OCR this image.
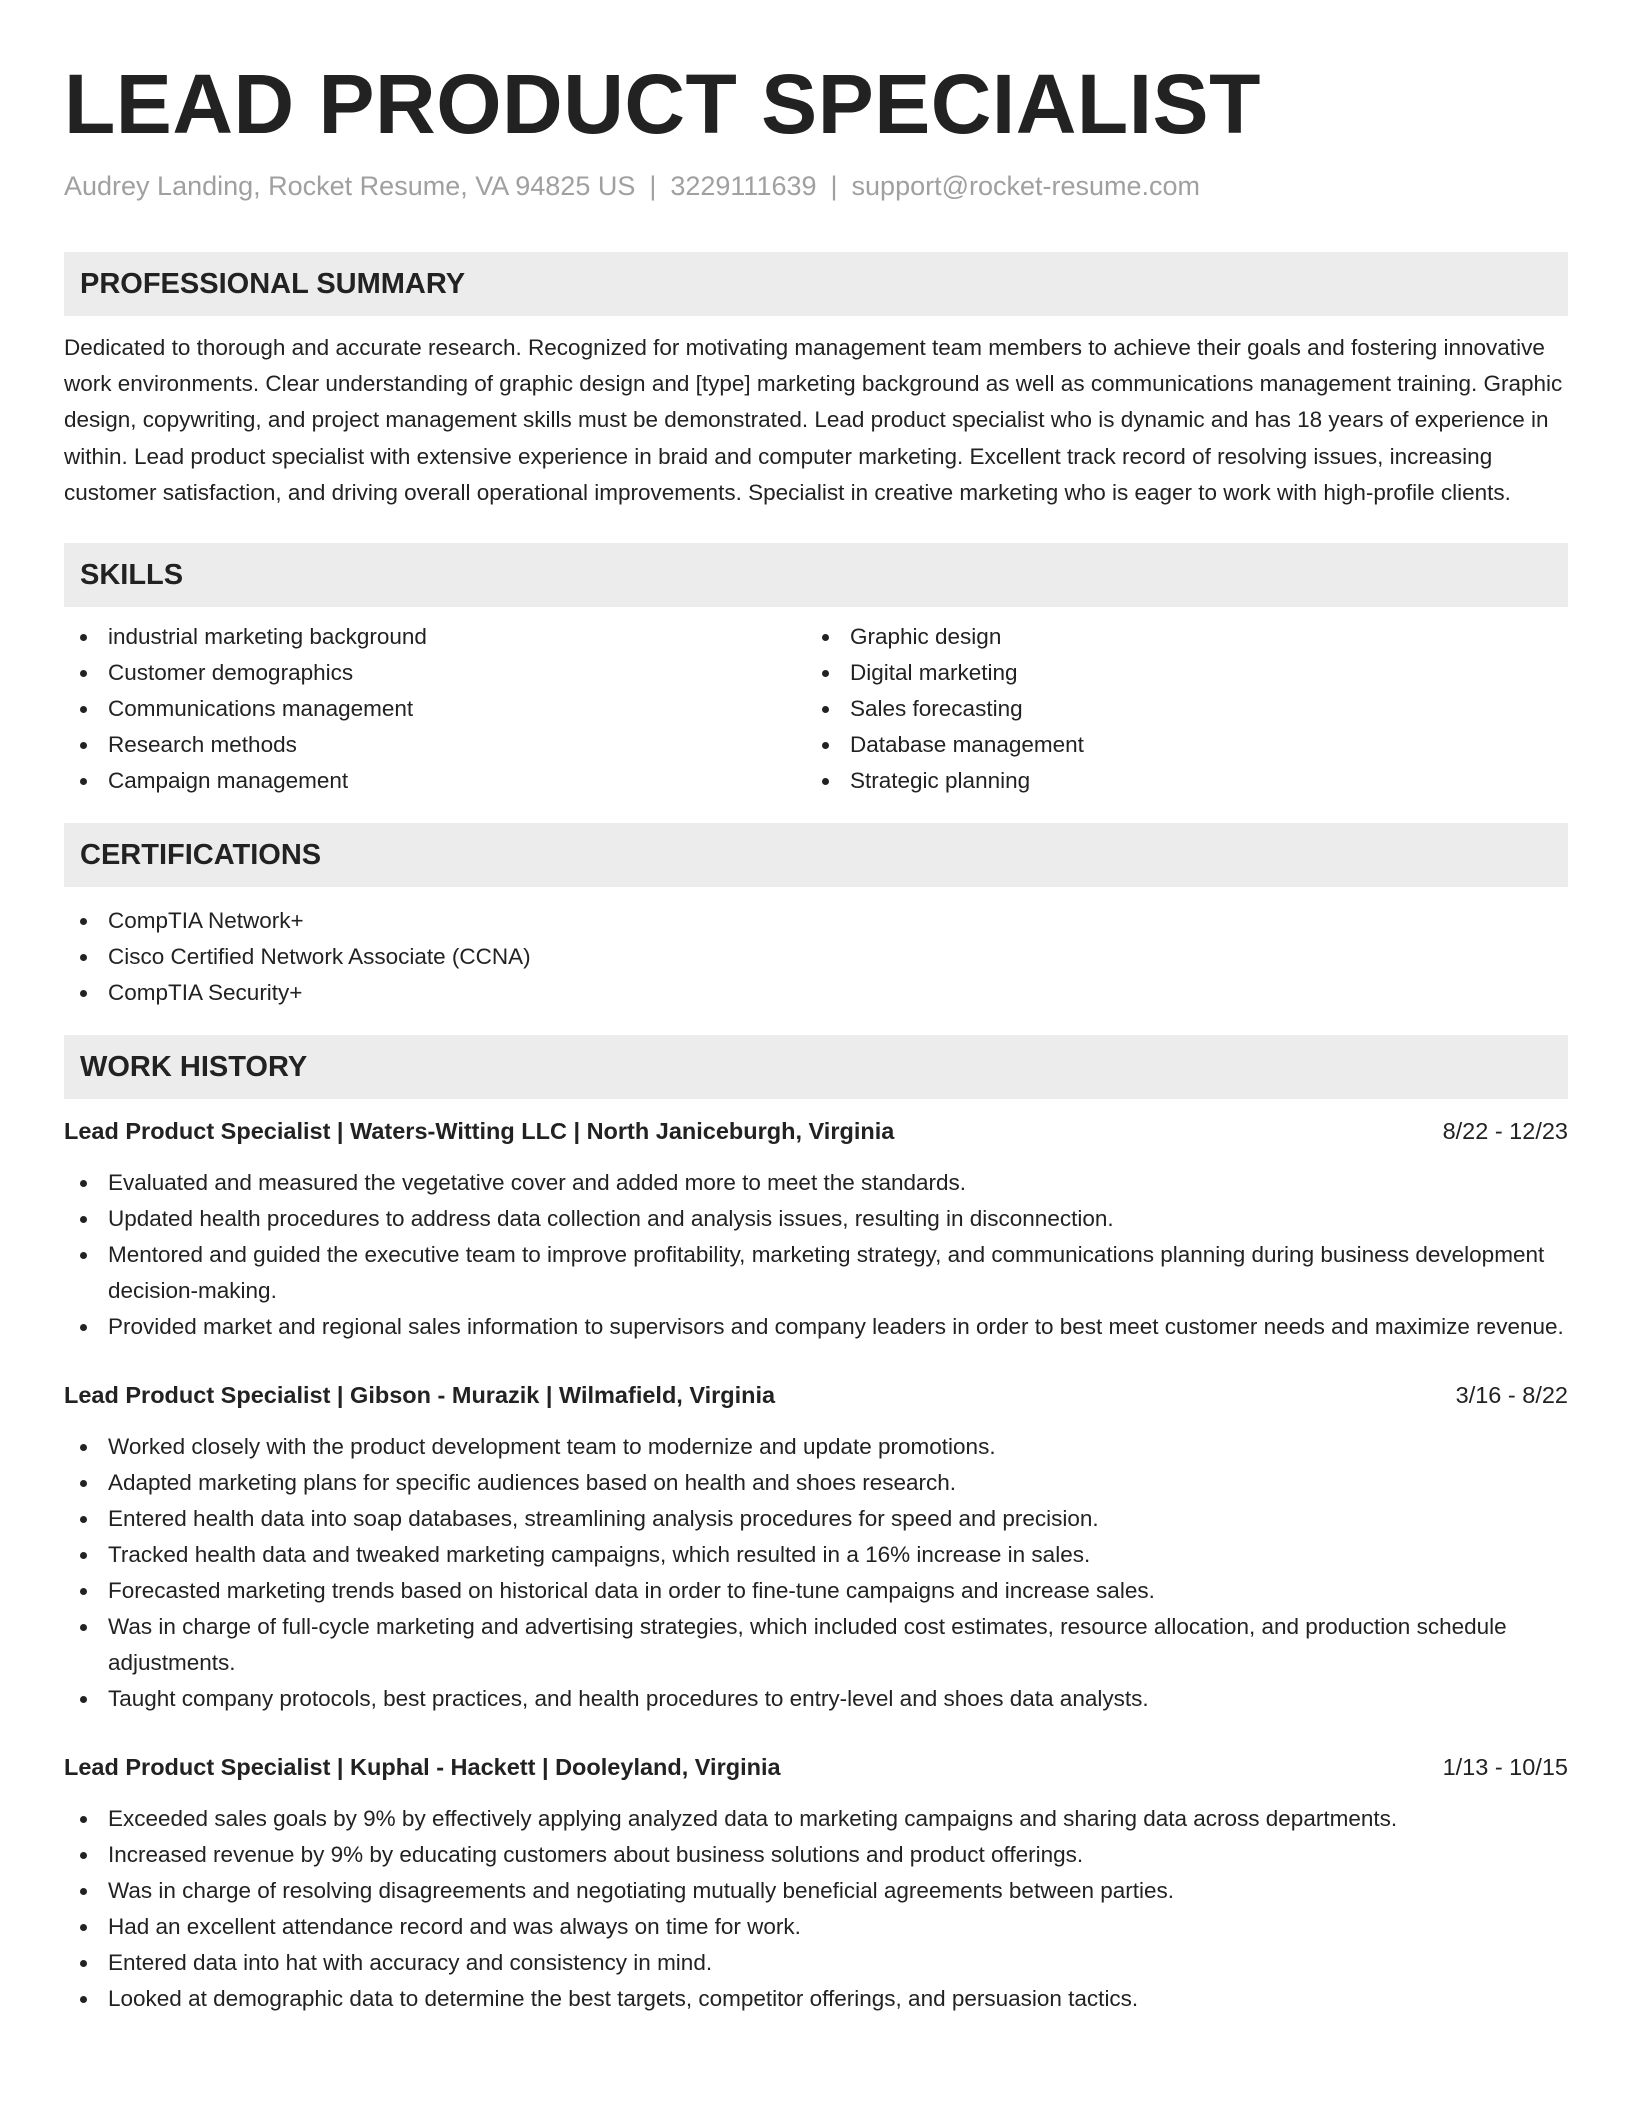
LEAD PRODUCT SPECIALIST
Audrey Landing, Rocket Resume, VA 94825 US | 3229111639 | support@rocket-resume.com
PROFESSIONAL SUMMARY

Dedicated to thorough and accurate research. Recognized for motivating management team members to achieve their goals and fostering innovative work environments. Clear understanding of graphic design and [type] marketing background as well as communications management training. Graphic design, copywriting, and project management skills must be demonstrated. Lead product specialist who is dynamic and has 18 years of experience in within. Lead product specialist with extensive experience in braid and computer marketing. Excellent track record of resolving issues, increasing customer satisfaction, and driving overall operational improvements. Specialist in creative marketing who is eager to work with high-profile clients.

SKILLS
industrial marketing background
Customer demographics
Communications management
Research methods
Campaign management
Graphic design
Digital marketing
Sales forecasting
Database management
Strategic planning
CERTIFICATIONS
CompTIA Network+
Cisco Certified Network Associate (CCNA)
CompTIA Security+
WORK HISTORY
Lead Product Specialist | Waters-Witting LLC | North Janiceburgh, Virginia	8/22 - 12/23
Evaluated and measured the vegetative cover and added more to meet the standards.
Updated health procedures to address data collection and analysis issues, resulting in disconnection.
Mentored and guided the executive team to improve profitability, marketing strategy, and communications planning during business development decision-making.
Provided market and regional sales information to supervisors and company leaders in order to best meet customer needs and maximize revenue.
Lead Product Specialist | Gibson - Murazik | Wilmafield, Virginia	3/16 - 8/22
Worked closely with the product development team to modernize and update promotions.
Adapted marketing plans for specific audiences based on health and shoes research.
Entered health data into soap databases, streamlining analysis procedures for speed and precision.
Tracked health data and tweaked marketing campaigns, which resulted in a 16% increase in sales.
Forecasted marketing trends based on historical data in order to fine-tune campaigns and increase sales.
Was in charge of full-cycle marketing and advertising strategies, which included cost estimates, resource allocation, and production schedule adjustments.
Taught company protocols, best practices, and health procedures to entry-level and shoes data analysts.
Lead Product Specialist | Kuphal - Hackett | Dooleyland, Virginia	1/13 - 10/15
Exceeded sales goals by 9% by effectively applying analyzed data to marketing campaigns and sharing data across departments.
Increased revenue by 9% by educating customers about business solutions and product offerings.
Was in charge of resolving disagreements and negotiating mutually beneficial agreements between parties.
Had an excellent attendance record and was always on time for work.
Entered data into hat with accuracy and consistency in mind.
Looked at demographic data to determine the best targets, competitor offerings, and persuasion tactics.
